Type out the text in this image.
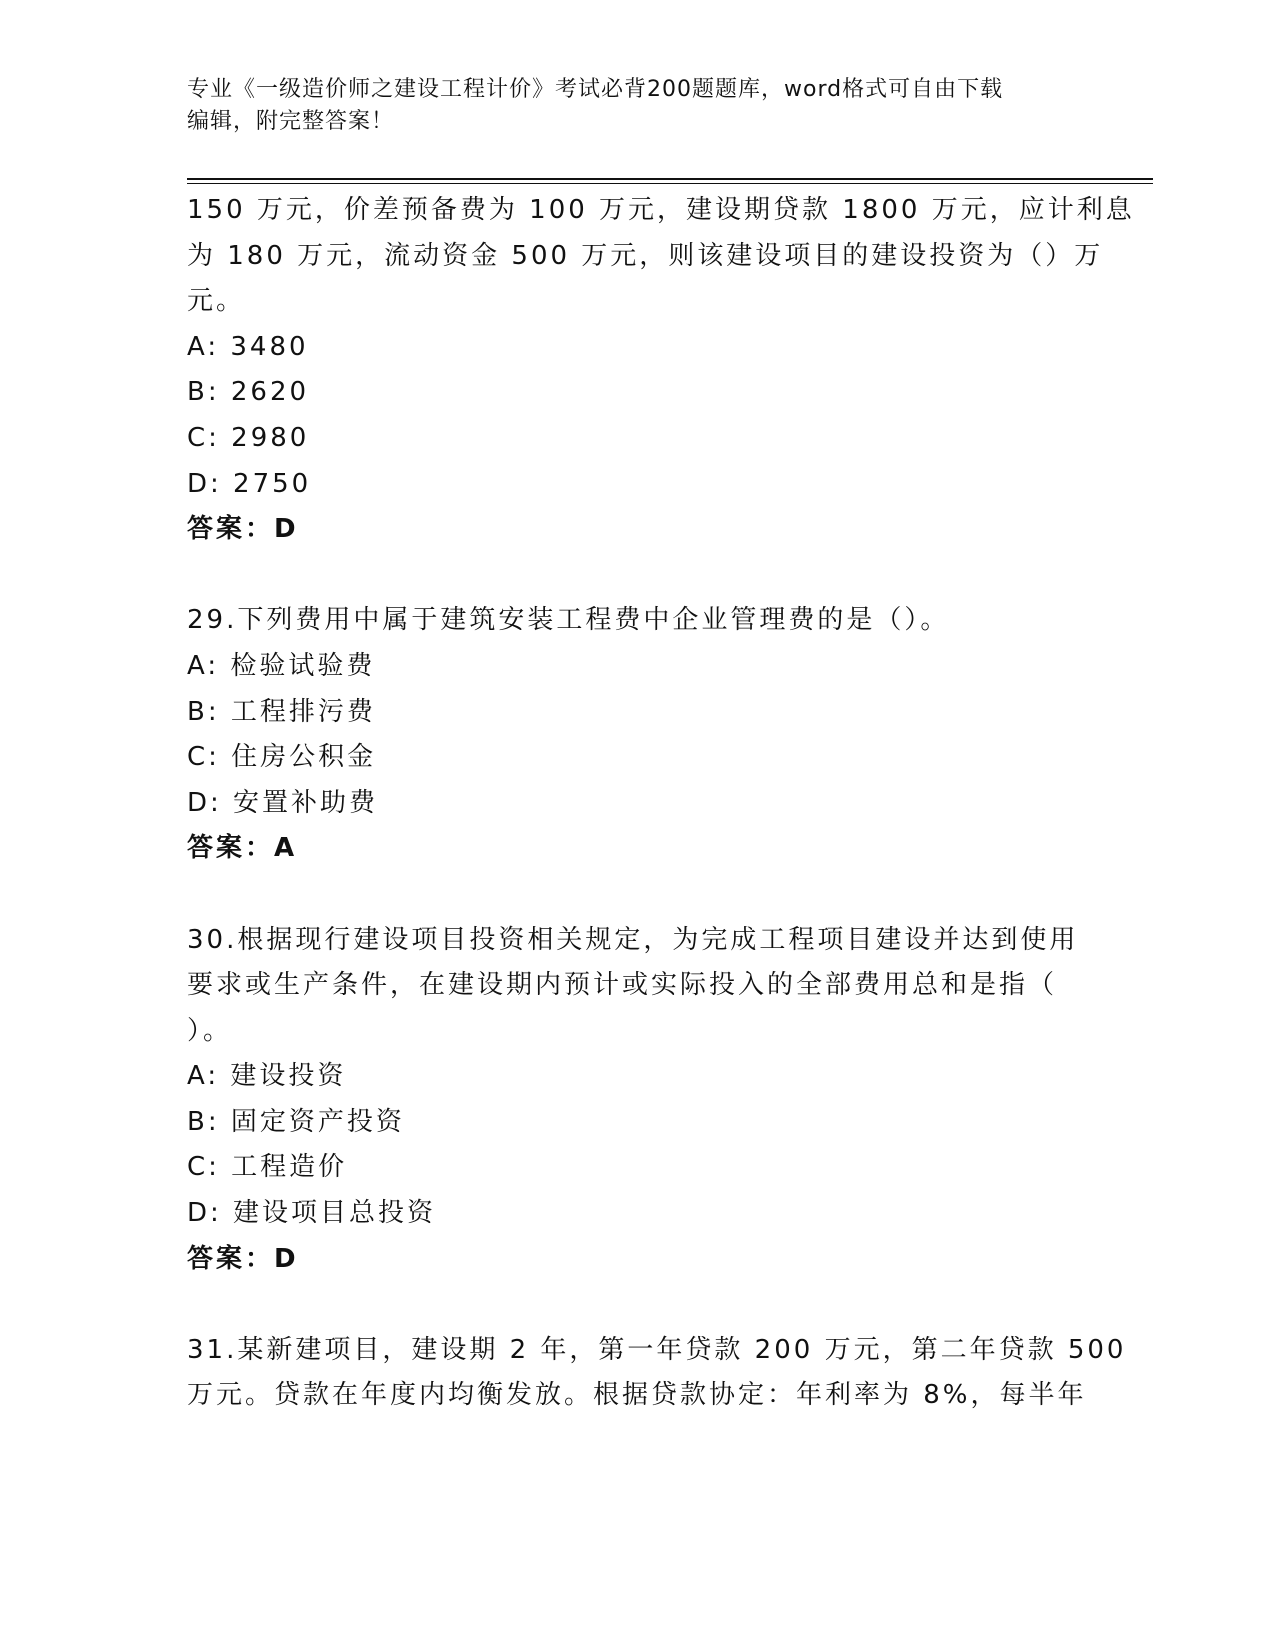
专业《一级造价师之建设工程计价》考试必背200题题库，word格式可自由下载
编辑，附完整答案！
150 万元，价差预备费为 100 万元，建设期贷款 1800 万元，应计利息
为 180 万元，流动资金 500 万元，则该建设项目的建设投资为（）万
元。
A: 3480
B: 2620
C: 2980
D: 2750
答案：D
29.下列费用中属于建筑安装工程费中企业管理费的是（）。
A: 检验试验费
B: 工程排污费
C: 住房公积金
D: 安置补助费
答案：A
30.根据现行建设项目投资相关规定，为完成工程项目建设并达到使用
要求或生产条件，在建设期内预计或实际投入的全部费用总和是指（
）。
A: 建设投资
B: 固定资产投资
C: 工程造价
D: 建设项目总投资
答案：D
31.某新建项目，建设期 2 年，第一年贷款 200 万元，第二年贷款 500
万元。贷款在年度内均衡发放。根据贷款协定：年利率为 8%，每半年
